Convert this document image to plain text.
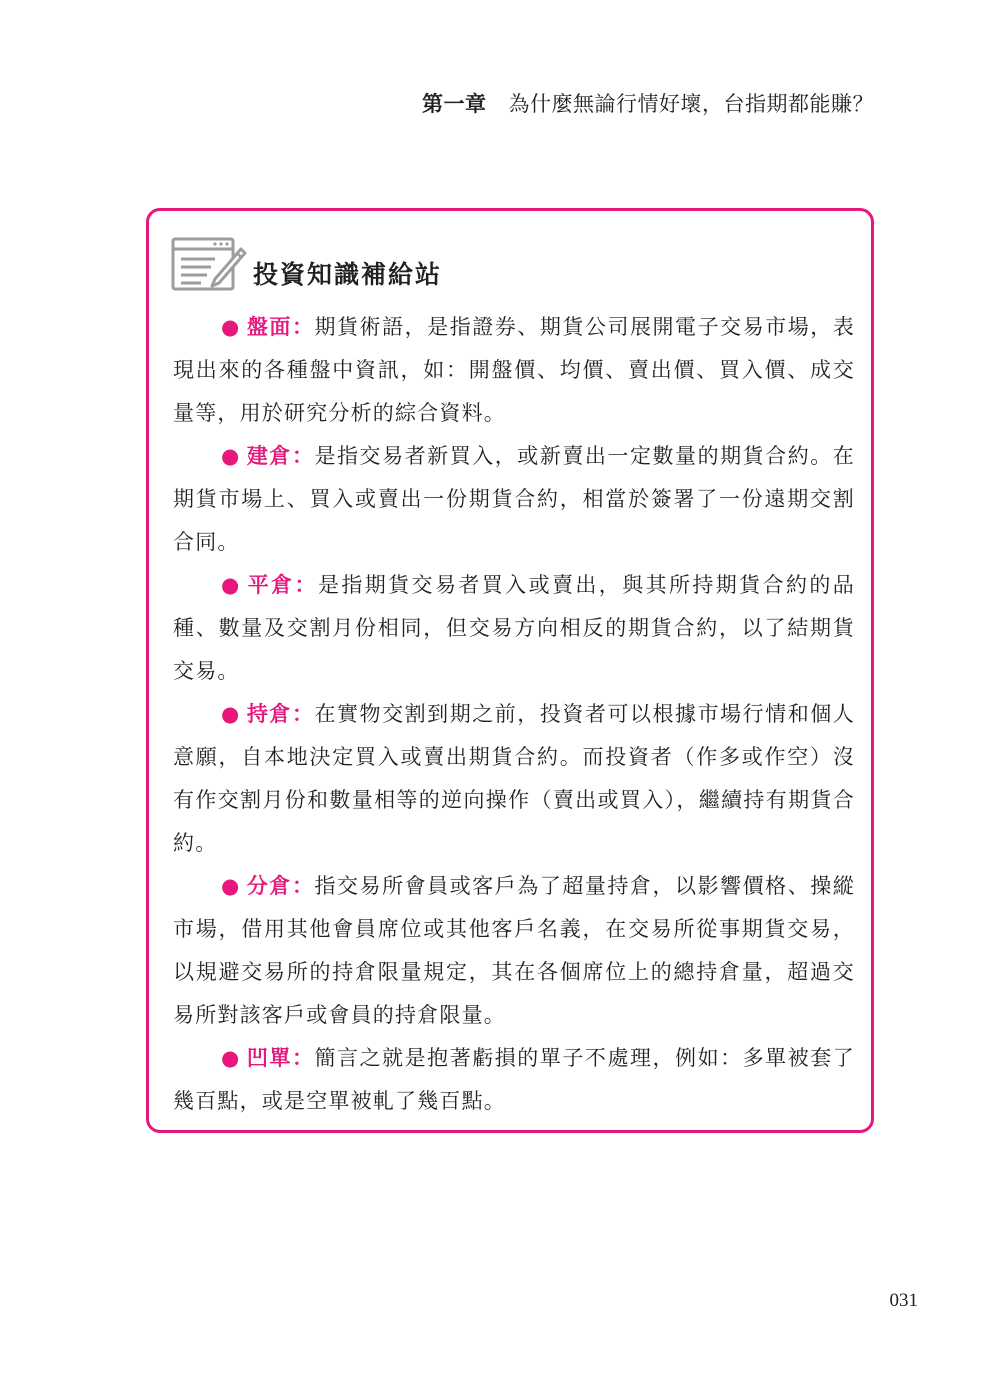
第一章 為什麼無論行情好壞，台指期都能賺？
投資知識補給站

● 盤面：期貨術語，是指證券、期貨公司展開電子交易市場，表現出來的各種盤中資訊，如：開盤價、均價、賣出價、買入價、成交量等，用於研究分析的綜合資料。

● 建倉：是指交易者新買入，或新賣出一定數量的期貨合約。在期貨市場上、買入或賣出一份期貨合約，相當於簽署了一份遠期交割合同。

● 平倉：是指期貨交易者買入或賣出，與其所持期貨合約的品種、數量及交割月份相同，但交易方向相反的期貨合約，以了結期貨交易。

● 持倉：在實物交割到期之前，投資者可以根據市場行情和個人意願，自本地決定買入或賣出期貨合約。而投資者（作多或作空）沒有作交割月份和數量相等的逆向操作（賣出或買入），繼續持有期貨合約。

● 分倉：指交易所會員或客戶為了超量持倉，以影響價格、操縱市場，借用其他會員席位或其他客戶名義，在交易所從事期貨交易，以規避交易所的持倉限量規定，其在各個席位上的總持倉量，超過交易所對該客戶或會員的持倉限量。

● 凹單：簡言之就是抱著虧損的單子不處理，例如：多單被套了幾百點，或是空單被軋了幾百點。

031
